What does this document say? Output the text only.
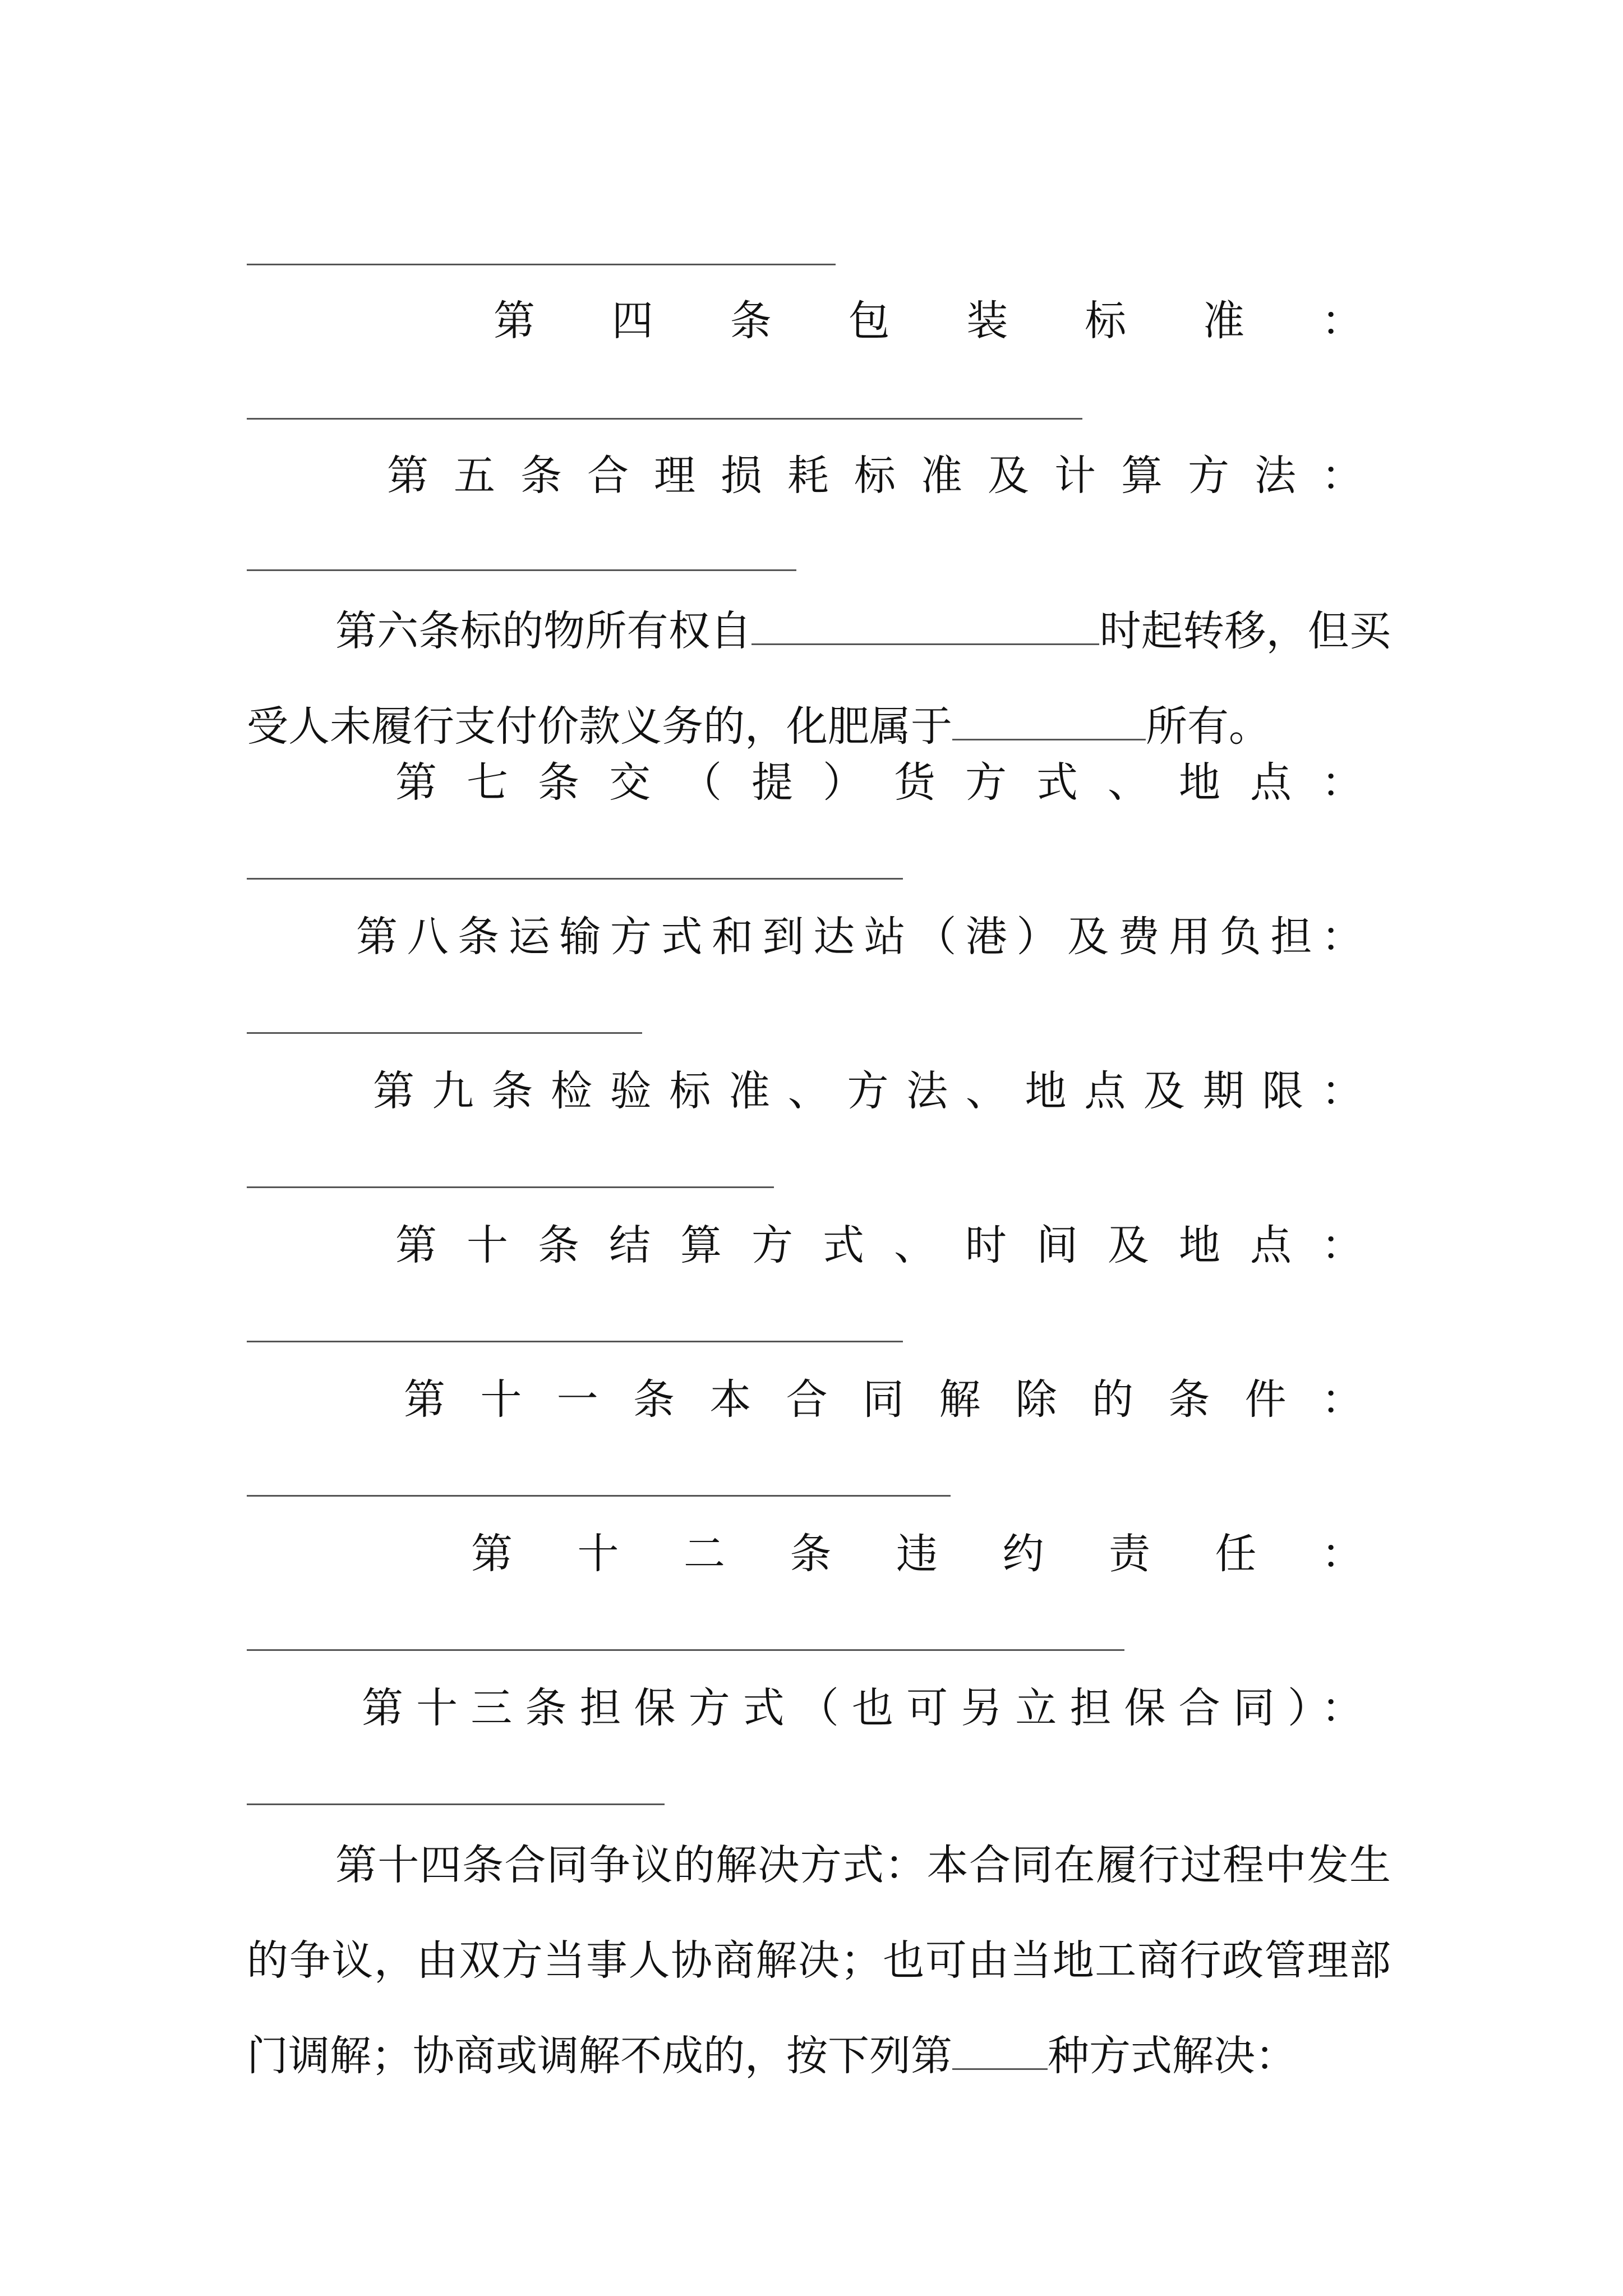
第四条包装标准：
第五条合理损耗标准及计算方法：
第六条标的物所有权自	时起转移，但买受人未履行支付价款义务的，化肥属于	所有。
第七条交（提）货方式、地点：
第八条运输方式和到达站（港）及费用负担：
第九条检验标准、方法、地点及期限：
第十条结算方式、时间及地点：
第十一条本合同解除的条件：
第十二条违约责任：
第十三条担保方式（也可另立担保合同）：
第十四条合同争议的解决方式：本合同在履行过程中发生的争议，由双方当事人协商解决；也可由当地工商行政管理部门调解；协商或调解不成的，按下列第 种方式解决：
